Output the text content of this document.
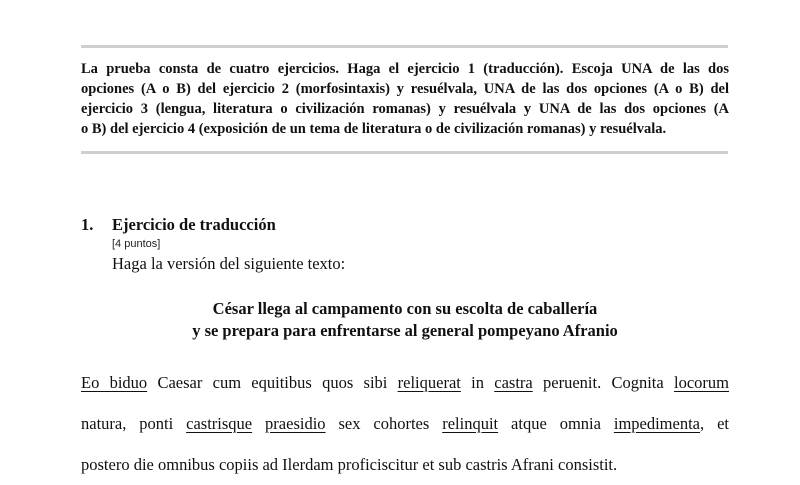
La prueba consta de cuatro ejercicios. Haga el ejercicio 1 (traducción). Escoja UNA de las dos
opciones (A o B) del ejercicio 2 (morfosintaxis) y resuélvala, UNA de las dos opciones (A o B) del
ejercicio 3 (lengua, literatura o civilización romanas) y resuélvala y UNA de las dos opciones (A
o B) del ejercicio 4 (exposición de un tema de literatura o de civilización romanas) y resuélvala.
1. Ejercicio de traducción
[4 puntos]
Haga la versión del siguiente texto:
César llega al campamento con su escolta de caballería
y se prepara para enfrentarse al general pompeyano Afranio
Eo biduo Caesar cum equitibus quos sibi reliquerat in castra peruenit. Cognita locorum
natura, ponti castrisque praesidio sex cohortes relinquit atque omnia impedimenta, et
postero die omnibus copiis ad Ilerdam proficiscitur et sub castris Afrani consistit.
